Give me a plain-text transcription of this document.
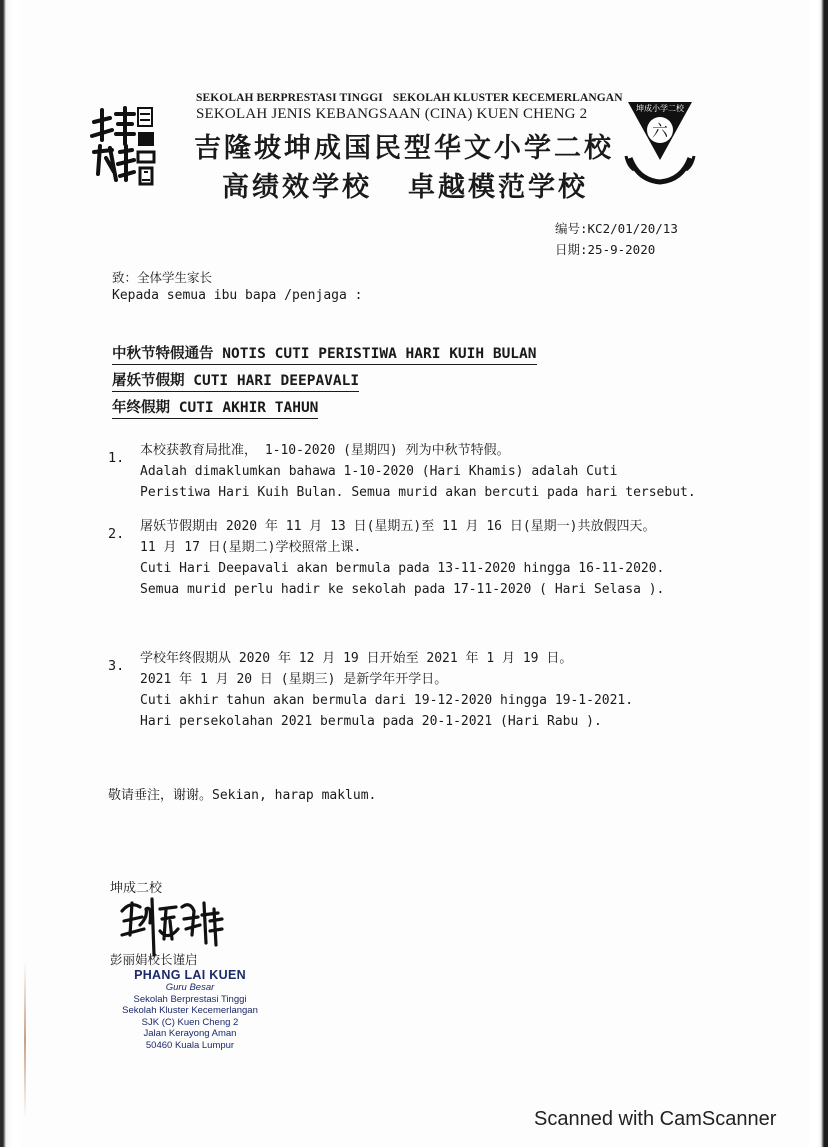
SEKOLAH BERPRESTASI TINGGI SEKOLAH KLUSTER KECEMERLANGAN
SEKOLAH JENIS KEBANGSAAN (CINA) KUEN CHENG 2
吉隆坡坤成国民型华文小学二校
高绩效学校 卓越模范学校
坤成小学二校
六
编号:KC2/01/20/13
日期:25-9-2020
致：全体学生家长
Kepada semua ibu bapa /penjaga :
中秋节特假通告 NOTIS CUTI PERISTIWA HARI KUIH BULAN
屠妖节假期 CUTI HARI DEEPAVALI
年终假期 CUTI AKHIR TAHUN
1. 本校获教育局批准， 1-10-2020 (星期四) 列为中秋节特假。
Adalah dimaklumkan bahawa 1-10-2020 (Hari Khamis) adalah Cuti
Peristiwa Hari Kuih Bulan. Semua murid akan bercuti pada hari tersebut.
2. 屠妖节假期由 2020 年 11 月 13 日(星期五)至 11 月 16 日(星期一)共放假四天。
11 月 17 日(星期二)学校照常上课.
Cuti Hari Deepavali akan bermula pada 13-11-2020 hingga 16-11-2020.
Semua murid perlu hadir ke sekolah pada 17-11-2020 ( Hari Selasa ).
3. 学校年终假期从 2020 年 12 月 19 日开始至 2021 年 1 月 19 日。
2021 年 1 月 20 日 (星期三) 是新学年开学日。
Cuti akhir tahun akan bermula dari 19-12-2020 hingga 19-1-2021.
Hari persekolahan 2021 bermula pada 20-1-2021 (Hari Rabu ).
敬请垂注，谢谢。Sekian, harap maklum.
坤成二校
彭丽娟校长谨启
PHANG LAI KUEN
Guru Besar
Sekolah Berprestasi Tinggi
Sekolah Kluster Kecemerlangan
SJK (C) Kuen Cheng 2
Jalan Kerayong Aman
50460 Kuala Lumpur
Scanned with CamScanner
